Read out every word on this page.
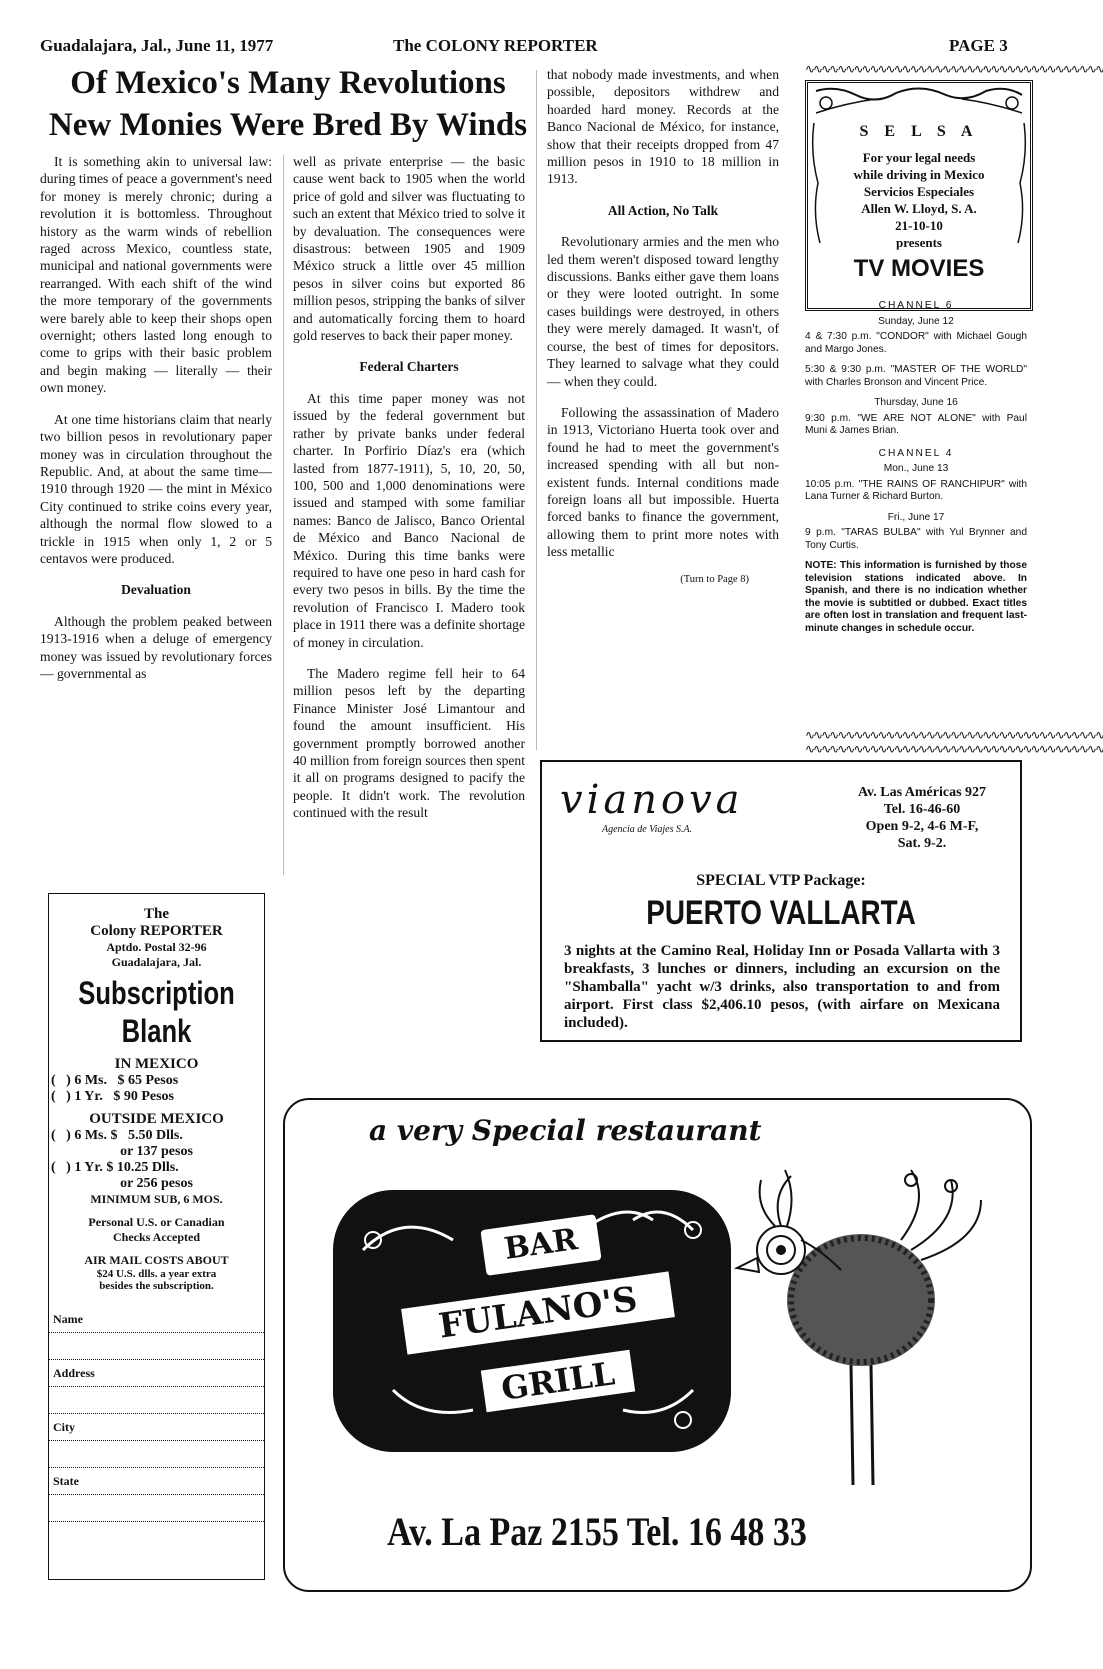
Guadalajara, Jal., June 11, 1977	The COLONY REPORTER	PAGE 3
Of Mexico's Many Revolutions
New Monies Were Bred By Winds

It is something akin to universal law: during times of peace a government's need for money is merely chronic; during a revolution it is bottomless. Throughout history as the warm winds of rebellion raged across Mexico, countless state, municipal and national governments were rearranged. With each shift of the wind the more temporary of the governments were barely able to keep their shops open overnight; others lasted long enough to come to grips with their basic problem and begin making — literally — their own money.

At one time historians claim that nearly two billion pesos in revolutionary paper money was in circulation throughout the Republic. And, at about the same time—1910 through 1920 — the mint in México City continued to strike coins every year, although the normal flow slowed to a trickle in 1915 when only 1, 2 or 5 centavos were produced.

Devaluation

Although the problem peaked between 1913-1916 when a deluge of emergency money was issued by revolutionary forces — governmental as

well as private enterprise — the basic cause went back to 1905 when the world price of gold and silver was fluctuating to such an extent that México tried to solve it by devaluation. The consequences were disastrous: between 1905 and 1909 México struck a little over 45 million pesos in silver coins but exported 86 million pesos, stripping the banks of silver and automatically forcing them to hoard gold reserves to back their paper money.

Federal Charters

At this time paper money was not issued by the federal government but rather by private banks under federal charter. In Porfirio Díaz's era (which lasted from 1877-1911), 5, 10, 20, 50, 100, 500 and 1,000 denominations were issued and stamped with some familiar names: Banco de Jalisco, Banco Oriental de México and Banco Nacional de México. During this time banks were required to have one peso in hard cash for every two pesos in bills. By the time the revolution of Francisco I. Madero took place in 1911 there was a definite shortage of money in circulation.

The Madero regime fell heir to 64 million pesos left by the departing Finance Minister José Limantour and found the amount insufficient. His government promptly borrowed another 40 million from foreign sources then spent it all on programs designed to pacify the people. It didn't work. The revolution continued with the result

that nobody made investments, and when possible, depositors withdrew and hoarded hard money. Records at the Banco Nacional de México, for instance, show that their receipts dropped from 47 million pesos in 1910 to 18 million in 1913.

All Action, No Talk

Revolutionary armies and the men who led them weren't disposed toward lengthy discussions. Banks either gave them loans or they were looted outright. In some cases buildings were destroyed, in others they were merely damaged. It wasn't, of course, the best of times for depositors. They learned to salvage what they could — when they could.

Following the assassination of Madero in 1913, Victoriano Huerta took over and found he had to meet the government's increased spending with all but non-existent funds. Internal conditions made foreign loans all but impossible. Huerta forced banks to finance the government, allowing them to print more notes with less metallic

(Turn to Page 8)
∿∿∿∿∿∿∿∿∿∿∿∿∿∿∿∿∿∿∿∿∿∿∿∿∿∿∿∿∿∿∿∿∿∿∿∿∿
∿∿∿∿∿∿∿∿∿∿∿∿∿∿∿∿∿∿∿∿∿∿∿∿∿∿∿∿∿∿∿∿∿∿∿∿∿
∿∿∿∿∿∿∿∿∿∿∿∿∿∿∿∿∿∿∿∿∿∿∿∿∿∿∿∿∿∿∿∿∿∿∿∿∿
S E L S A
For your legal needs
while driving in Mexico
Servicios Especiales
Allen W. Lloyd, S. A.
21-10-10
presents
TV MOVIES
CHANNEL 6
Sunday, June 12
4 & 7:30 p.m. "CONDOR" with Michael Gough and Margo Jones.
5:30 & 9:30 p.m. "MASTER OF THE WORLD" with Charles Bronson and Vincent Price.
Thursday, June 16
9:30 p.m. "WE ARE NOT ALONE" with Paul Muni & James Brian.
CHANNEL 4
Mon., June 13
10:05 p.m. "THE RAINS OF RANCHIPUR" with Lana Turner & Richard Burton.
Fri., June 17
9 p.m. "TARAS BULBA" with Yul Brynner and Tony Curtis.
NOTE: This information is furnished by those television stations indicated above. In Spanish, and there is no indication whether the movie is subtitled or dubbed. Exact titles are often lost in translation and frequent last-minute changes in schedule occur.
vianova
Agencia de Viajes S.A.
Av. Las Américas 927
Tel. 16-46-60
Open 9-2, 4-6 M-F,
Sat. 9-2.
SPECIAL VTP Package:
PUERTO VALLARTA
3 nights at the Camino Real, Holiday Inn or Posada Vallarta with 3 breakfasts, 3 lunches or dinners, including an excursion on the "Shamballa" yacht w/3 drinks, also transportation to and from airport. First class $2,406.10 pesos, (with airfare on Mexicana included).
The
Colony REPORTER
Aptdo. Postal 32-96
Guadalajara, Jal.
Subscription
Blank
IN MEXICO
(   ) 6 Ms.   $ 65 Pesos
(   ) 1 Yr.   $ 90 Pesos
OUTSIDE MEXICO
(   ) 6 Ms. $   5.50 Dlls.
or 137 pesos
(   ) 1 Yr. $ 10.25 Dlls.
or 256 pesos
MINIMUM SUB, 6 MOS.
Personal U.S. or Canadian
Checks Accepted
AIR MAIL COSTS ABOUT
$24 U.S. dlls. a year extra
besides the subscription.
Name
Address
City
State
a very Special restaurant
BAR
FULANO'S
GRILL
Av. La Paz 2155 Tel. 16 48 33
